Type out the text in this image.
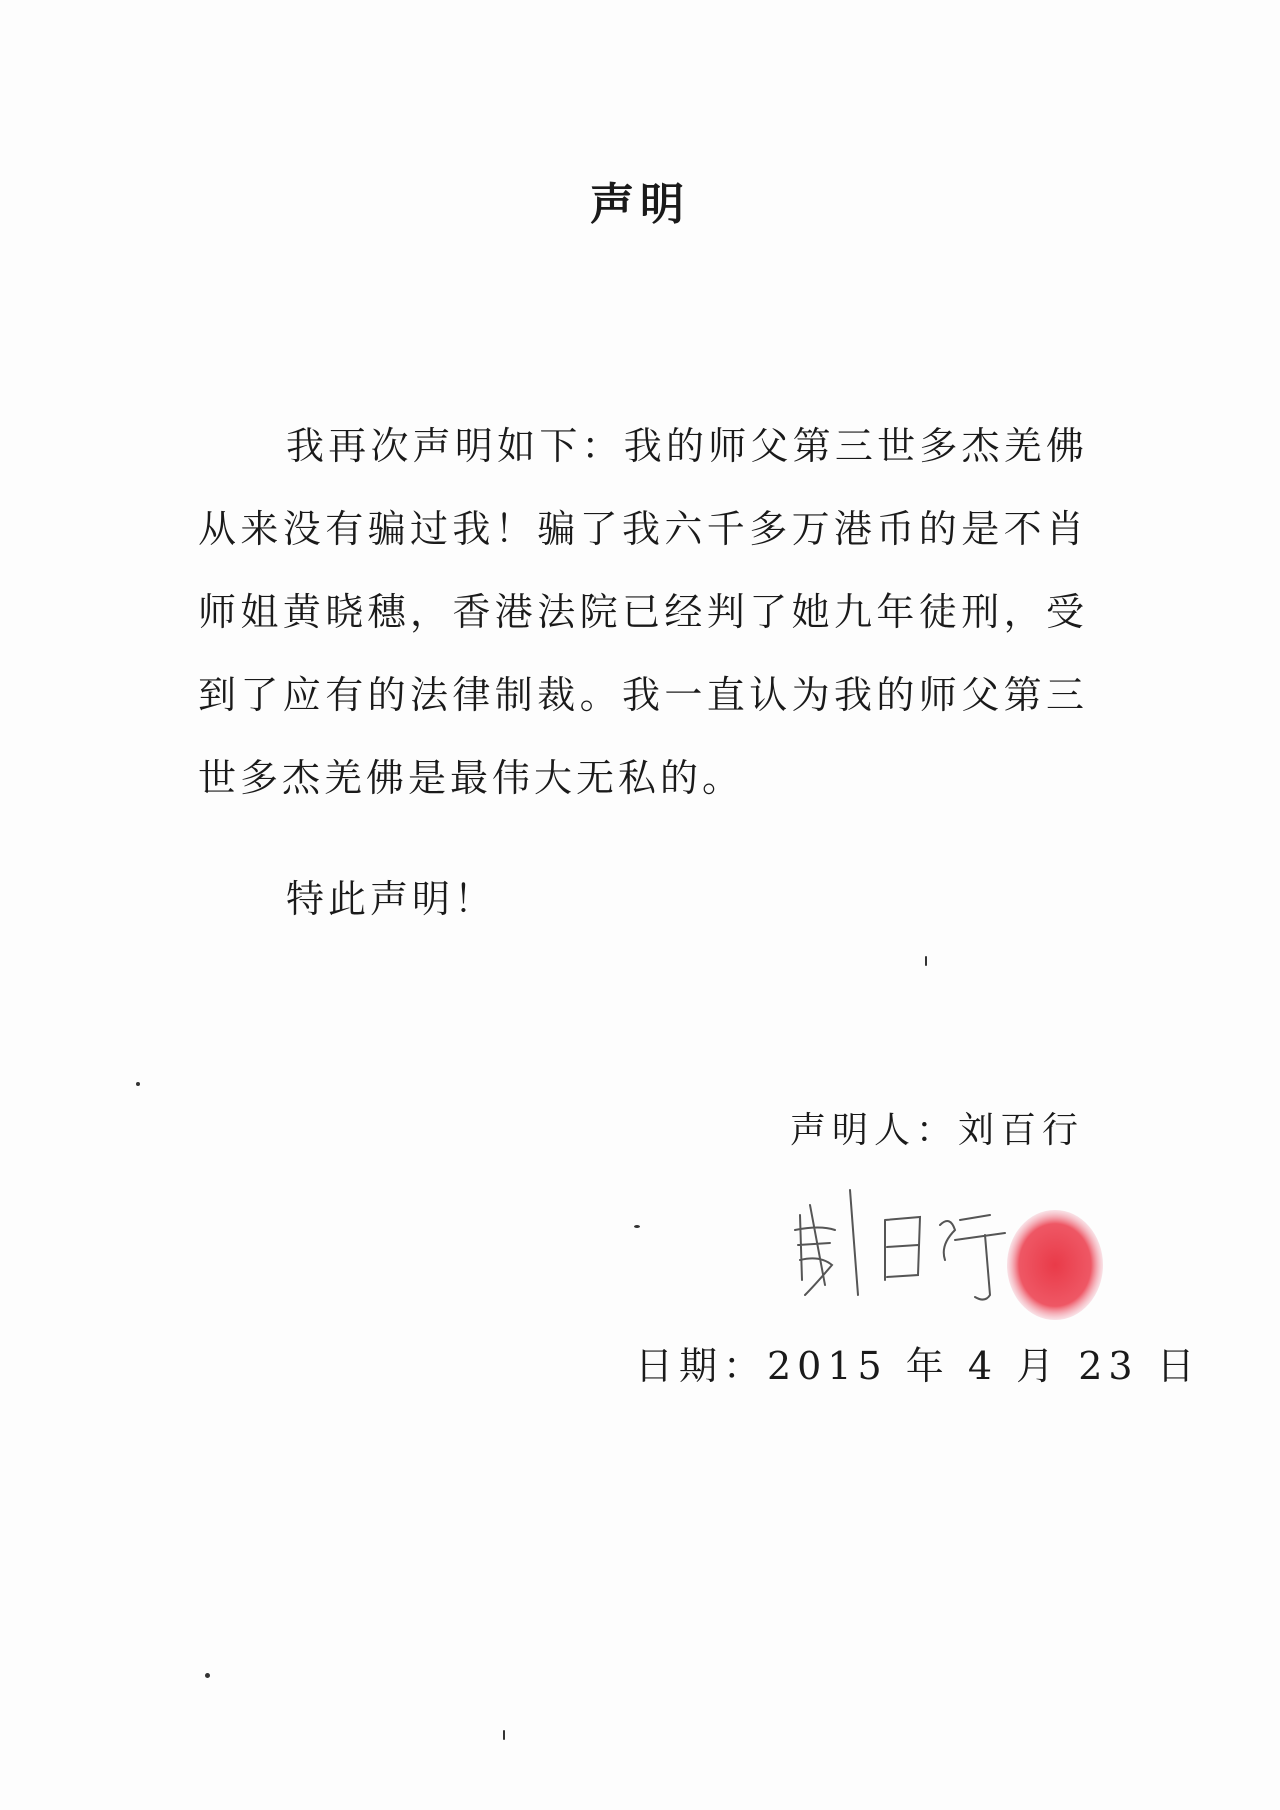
声明
我再次声明如下：我的师父第三世多杰羌佛从来没有骗过我！骗了我六千多万港币的是不肖师姐黄晓穗，香港法院已经判了她九年徒刑，受到了应有的法律制裁。我一直认为我的师父第三世多杰羌佛是最伟大无私的。
特此声明！
声明人：刘百行
日期：2015 年 4 月 23 日
